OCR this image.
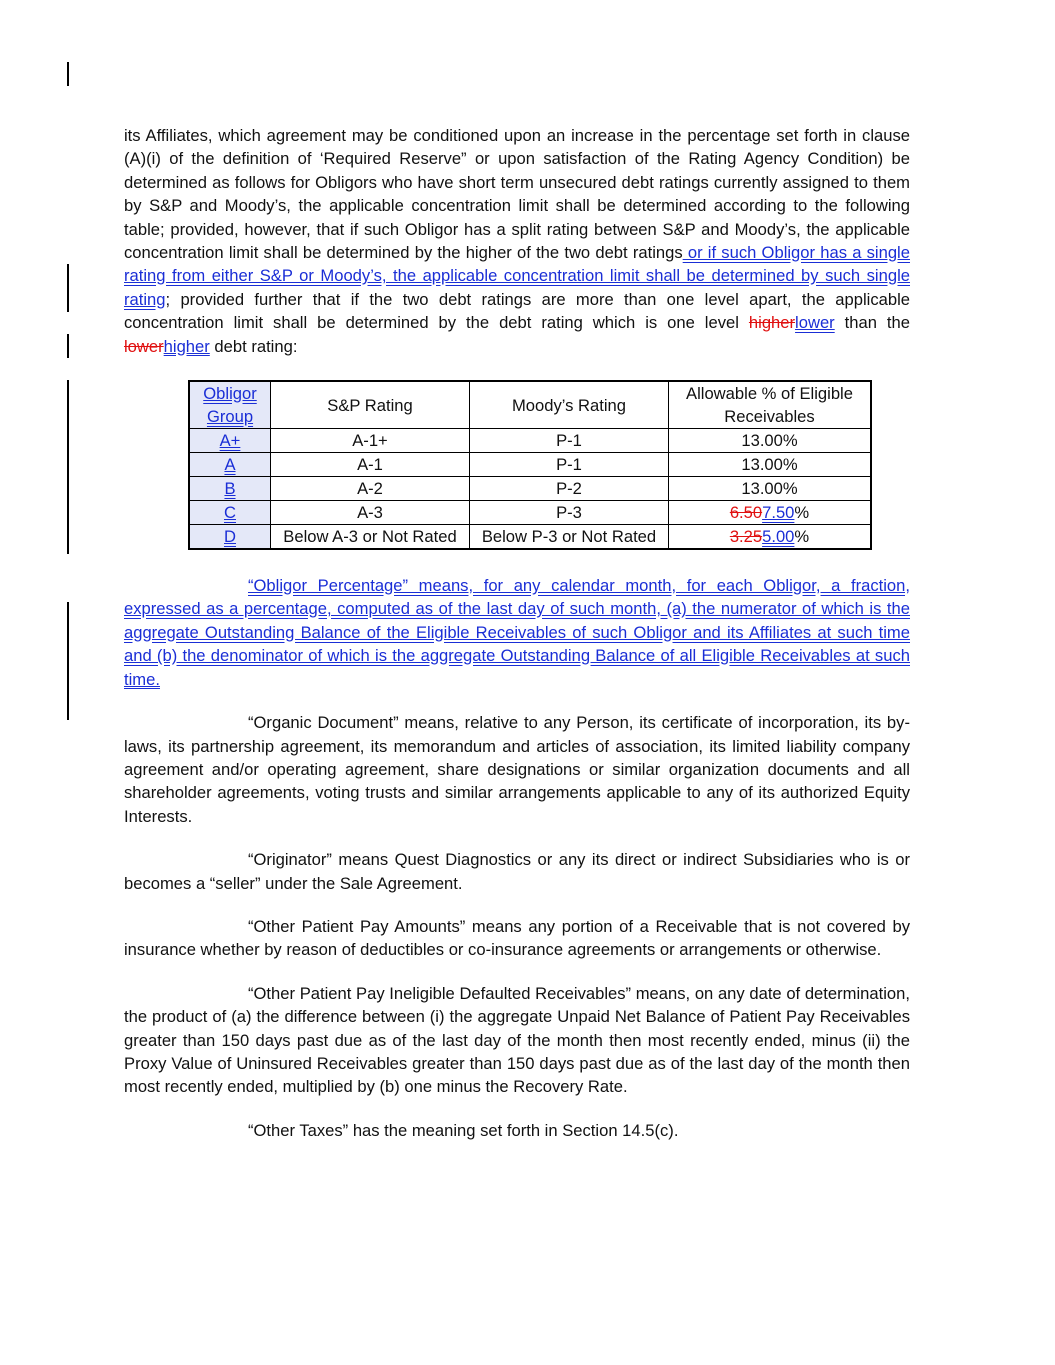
its Affiliates, which agreement may be conditioned upon an increase in the percentage set forth in clause (A)(i) of the definition of ‘Required Reserve” or upon satisfaction of the Rating Agency Condition) be determined as follows for Obligors who have short term unsecured debt ratings currently assigned to them by S&P and Moody’s, the applicable concentration limit shall be determined according to the following table; provided, however, that if such Obligor has a split rating between S&P and Moody’s, the applicable concentration limit shall be determined by the higher of the two debt ratings or if such Obligor has a single rating from either S&P or Moody’s, the applicable concentration limit shall be determined by such single rating; provided further that if the two debt ratings are more than one level apart, the applicable concentration limit shall be determined by the debt rating which is one level higherlower than the lowerhigher debt rating:

Obligor Group	S&P Rating	Moody’s Rating	Allowable % of Eligible Receivables
A+	A-1+	P-1	13.00%
A	A-1	P-1	13.00%
B	A-2	P-2	13.00%
C	A-3	P-3	6.507.50%
D	Below A-3 or Not Rated	Below P-3 or Not Rated	3.255.00%

“Obligor Percentage” means, for any calendar month, for each Obligor, a fraction, expressed as a percentage, computed as of the last day of such month, (a) the numerator of which is the aggregate Outstanding Balance of the Eligible Receivables of such Obligor and its Affiliates at such time and (b) the denominator of which is the aggregate Outstanding Balance of all Eligible Receivables at such time.

“Organic Document” means, relative to any Person, its certificate of incorporation, its by-laws, its partnership agreement, its memorandum and articles of association, its limited liability company agreement and/or operating agreement, share designations or similar organization documents and all shareholder agreements, voting trusts and similar arrangements applicable to any of its authorized Equity Interests.

“Originator” means Quest Diagnostics or any its direct or indirect Subsidiaries who is or becomes a “seller” under the Sale Agreement.

“Other Patient Pay Amounts” means any portion of a Receivable that is not covered by insurance whether by reason of deductibles or co-insurance agreements or arrangements or otherwise.

“Other Patient Pay Ineligible Defaulted Receivables” means, on any date of determination, the product of (a) the difference between (i) the aggregate Unpaid Net Balance of Patient Pay Receivables greater than 150 days past due as of the last day of the month then most recently ended, minus (ii) the Proxy Value of Uninsured Receivables greater than 150 days past due as of the last day of the month then most recently ended, multiplied by (b) one minus the Recovery Rate.

“Other Taxes” has the meaning set forth in Section 14.5(c).
